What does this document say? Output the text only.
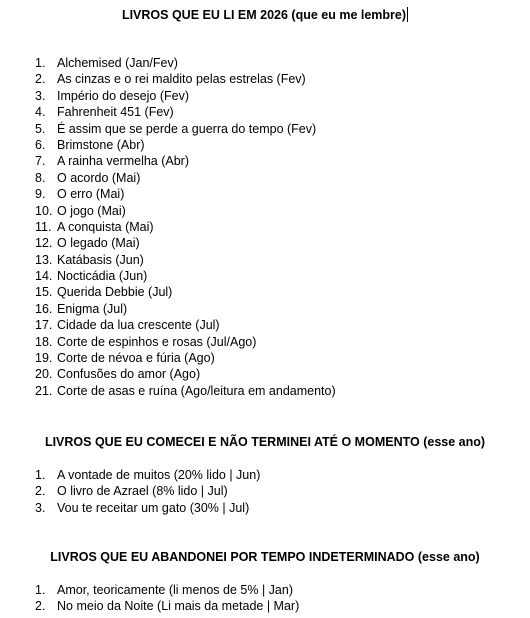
LIVROS QUE EU LI EM 2026 (que eu me lembre)
1. Alchemised (Jan/Fev)
2. As cinzas e o rei maldito pelas estrelas (Fev)
3. Império do desejo (Fev)
4. Fahrenheit 451 (Fev)
5. É assim que se perde a guerra do tempo (Fev)
6. Brimstone (Abr)
7. A rainha vermelha (Abr)
8. O acordo (Mai)
9. O erro (Mai)
10. O jogo (Mai)
11. A conquista (Mai)
12. O legado (Mai)
13. Katábasis (Jun)
14. Nocticádia (Jun)
15. Querida Debbie (Jul)
16. Enigma (Jul)
17. Cidade da lua crescente (Jul)
18. Corte de espinhos e rosas (Jul/Ago)
19. Corte de névoa e fúria (Ago)
20. Confusões do amor (Ago)
21. Corte de asas e ruína (Ago/leitura em andamento)
LIVROS QUE EU COMECEI E NÃO TERMINEI ATÉ O MOMENTO (esse ano)
1. A vontade de muitos (20% lido | Jun)
2. O livro de Azrael (8% lido | Jul)
3. Vou te receitar um gato (30% | Jul)
LIVROS QUE EU ABANDONEI POR TEMPO INDETERMINADO (esse ano)
1. Amor, teoricamente (li menos de 5% | Jan)
2. No meio da Noite (Li mais da metade | Mar)
